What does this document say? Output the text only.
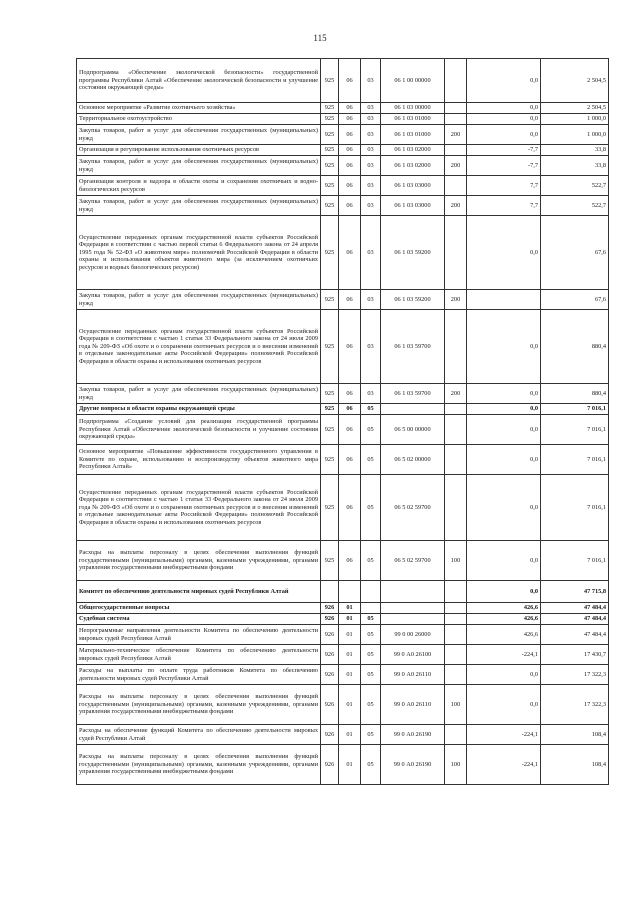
115
Подпрограмма «Обеспечение экологической безопасности» государственной программы Республики Алтай «Обеспечение экологической безопасности и улучшение состояния окружающей среды»	925	06	03	06 1 00 00000		0,0	2 504,5
Основное мероприятие «Развитие охотничьего хозяйства»	925	06	03	06 1 03 00000		0,0	2 504,5
Территориальное охотоустройство	925	06	03	06 1 03 01000		0,0	1 000,0
Закупка товаров, работ и услуг для обеспечения государственных (муниципальных) нужд	925	06	03	06 1 03 01000	200	0,0	1 000,0
Организация и регулирование использования охотничьих ресурсов	925	06	03	06 1 03 02000		-7,7	33,8
Закупка товаров, работ и услуг для обеспечения государственных (муниципальных) нужд	925	06	03	06 1 03 02000	200	-7,7	33,8
Организация контроля и надзора в области охоты и сохранения охотничьих и водно-биологических ресурсов	925	06	03	06 1 03 03000		7,7	522,7
Закупка товаров, работ и услуг для обеспечения государственных (муниципальных) нужд	925	06	03	06 1 03 03000	200	7,7	522,7
Осуществление переданных органам государственной власти субъектов Российской Федерации в соответствии с частью первой статьи 6 Федерального закона от 24 апреля 1995 года № 52-ФЗ «О животном мире» полномочий Российской Федерации в области охраны и использования объектов животного мира (за исключением охотничьих ресурсов и водных биологических ресурсов)	925	06	03	06 1 03 59200		0,0	67,6
Закупка товаров, работ и услуг для обеспечения государственных (муниципальных) нужд	925	06	03	06 1 03 59200	200		67,6
Осуществление переданных органам государственной власти субъектов Российской Федерации в соответствии с частью 1 статьи 33 Федерального закона от 24 июля 2009 года № 209-ФЗ «Об охоте и о сохранении охотничьих ресурсов и о внесении изменений в отдельные законодательные акты Российской Федерации» полномочий Российской Федерации в области охраны и использования охотничьих ресурсов	925	06	03	06 1 03 59700		0,0	880,4
Закупка товаров, работ и услуг для обеспечения государственных (муниципальных) нужд	925	06	03	06 1 03 59700	200	0,0	880,4
Другие вопросы в области охраны окружающей среды	925	06	05			0,0	7 016,1
Подпрограмма «Создание условий для реализации государственной программы Республики Алтай «Обеспечение экологической безопасности и улучшение состояния окружающей среды»	925	06	05	06 5 00 00000		0,0	7 016,1
Основное мероприятие «Повышение эффективности государственного управления в Комитете по охране, использованию и воспроизводству объектов животного мира Республики Алтай»	925	06	05	06 5 02 00000		0,0	7 016,1
Осуществление переданных органам государственной власти субъектов Российской Федерации в соответствии с частью 1 статьи 33 Федерального закона от 24 июля 2009 года № 209-ФЗ «Об охоте и о сохранении охотничьих ресурсов и о внесении изменений в отдельные законодательные акты Российской Федерации» полномочий Российской Федерации в области охраны и использования охотничьих ресурсов	925	06	05	06 5 02 59700		0,0	7 016,1
Расходы на выплаты персоналу в целях обеспечения выполнения функций государственными (муниципальными) органами, казенными учреждениями, органами управления государственными внебюджетными фондами	925	06	05	06 5 02 59700	100	0,0	7 016,1
Комитет по обеспечению деятельности мировых судей Республики Алтай						0,0	47 715,8
Общегосударственные вопросы	926	01				426,6	47 484,4
Судебная система	926	01	05			426,6	47 484,4
Непрограммные направления деятельности Комитета по обеспечению деятельности мировых судей Республики Алтай	926	01	05	99 0 00 26000		426,6	47 484,4
Материально-техническое обеспечение Комитета по обеспечению деятельности мировых судей Республики Алтай	926	01	05	99 0 А0 26100		-224,1	17 430,7
Расходы на выплаты по оплате труда работников Комитета по обеспечению деятельности мировых судей Республики Алтай	926	01	05	99 0 А0 26110		0,0	17 322,3
Расходы на выплаты персоналу в целях обеспечения выполнения функций государственными (муниципальными) органами, казенными учреждениями, органами управления государственными внебюджетными фондами	926	01	05	99 0 А0 26110	100	0,0	17 322,3
Расходы на обеспечение функций Комитета по обеспечению деятельности мировых судей Республики Алтай	926	01	05	99 0 А0 26190		-224,1	108,4
Расходы на выплаты персоналу в целях обеспечения выполнения функций государственными (муниципальными) органами, казенными учреждениями, органами управления государственными внебюджетными фондами	926	01	05	99 0 А0 26190	100	-224,1	108,4
